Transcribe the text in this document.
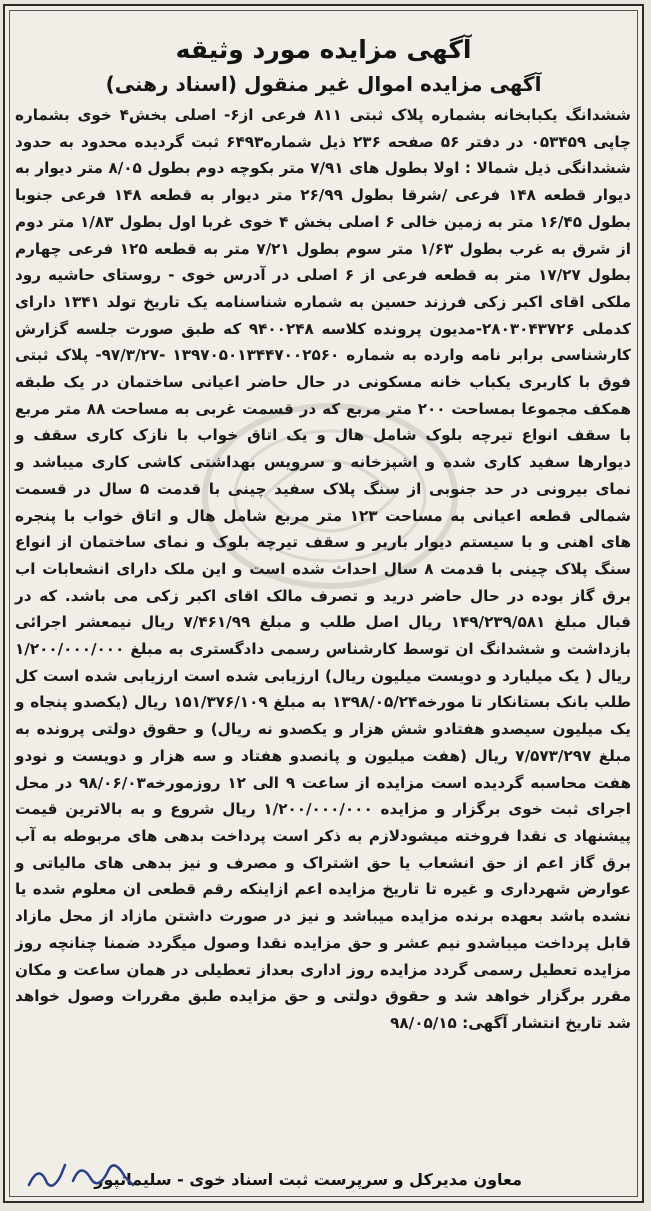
آگهی مزایده مورد وثیقه
آگهی مزایده اموال غیر منقول (اسناد رهنی)

ششدانگ یکبابخانه بشماره پلاک ثبتی ۸۱۱ فرعی از۶- اصلی بخش۴ خوی بشماره چاپی ۰۵۳۴۵۹ در دفتر ۵۶ صفحه ۲۳۶ ذیل شماره۶۴۹۳ ثبت گردیده محدود به حدود ششدانگی ذیل شمالا : اولا بطول های ۷/۹۱ متر بکوچه دوم بطول ۸/۰۵ متر دیوار به دیوار قطعه ۱۴۸ فرعی /شرقا بطول ۲۶/۹۹ متر دیوار به قطعه ۱۴۸ فرعی جنوبا بطول ۱۶/۴۵ متر به زمین خالی ۶ اصلی بخش ۴ خوی غربا اول بطول ۱/۸۳ متر دوم از شرق به غرب بطول ۱/۶۳ متر سوم بطول ۷/۲۱ متر به قطعه ۱۲۵ فرعی چهارم بطول ۱۷/۲۷ متر به قطعه فرعی از ۶ اصلی در آدرس خوی - روستای حاشیه رود ملکی اقای اکبر زکی فرزند حسین به شماره شناسنامه یک تاریخ تولد ۱۳۴۱ دارای کدملی ۲۸۰۳۰۴۳۷۲۶-مدیون پرونده کلاسه ۹۴۰۰۲۴۸ که طبق صورت جلسه گزارش کارشناسی برابر نامه وارده به شماره ۱۳۹۷۰۵۰۱۳۴۴۷۰۰۲۵۶۰ -۹۷/۳/۲۷- پلاک ثبتی فوق با کاربری یکباب خانه مسکونی در حال حاضر اعیانی ساختمان در یک طبقه همکف مجموعا بمساحت ۲۰۰ متر مربع که در قسمت غربی به مساحت ۸۸ متر مربع با سقف انواع تیرچه بلوک شامل هال و یک اتاق خواب با نازک کاری سقف و دیوارها سفید کاری شده و اشپزخانه و سرویس بهداشتی کاشی کاری میباشد و نمای بیرونی در حد جنوبی از سنگ پلاک سفید چینی با قدمت ۵ سال در قسمت شمالی قطعه اعیانی به مساحت ۱۲۳ متر مربع شامل هال و اتاق خواب با پنجره های اهنی و با سیستم دیوار باربر و سقف تیرچه بلوک و نمای ساختمان از انواع سنگ پلاک چینی با قدمت ۸ سال احداث شده است و این ملک دارای انشعابات اب برق گاز بوده در حال حاضر درید و تصرف مالک اقای اکبر زکی می باشد. که در قبال مبلغ ۱۴۹/۲۳۹/۵۸۱ ریال اصل طلب و مبلغ ۷/۴۶۱/۹۹ ریال نیمعشر اجرائی بازداشت و ششدانگ ان توسط کارشناس رسمی دادگستری به مبلغ ۱/۲۰۰/۰۰۰/۰۰۰ ریال ( یک میلیارد و دویست میلیون ریال) ارزیابی شده است ارزیابی شده است کل طلب بانک بستانکار تا مورخه۱۳۹۸/۰۵/۲۴ به مبلغ ۱۵۱/۳۷۶/۱۰۹ ریال (یکصدو پنجاه و یک میلیون سیصدو هفتادو شش هزار و یکصدو نه ریال) و حقوق دولتی پرونده به مبلغ ۷/۵۷۳/۲۹۷ ریال (هفت میلیون و پانصدو هفتاد و سه هزار و دویست و نودو هفت محاسبه گردیده است مزایده از ساعت ۹ الی ۱۲ روزمورخه۹۸/۰۶/۰۳ در محل اجرای ثبت خوی برگزار و مزایده ۱/۲۰۰/۰۰۰/۰۰۰ ریال شروع و به بالاترین قیمت پیشنهاد ی نقدا فروخته میشودلازم به ذکر است پرداخت بدهی های مربوطه به آب برق گاز اعم از حق انشعاب یا حق اشتراک و مصرف و نیز بدهی های مالیاتی و عوارض شهرداری و غیره تا تاریخ مزایده اعم ازاینکه رقم قطعی ان معلوم شده یا نشده باشد بعهده برنده مزایده میباشد و نیز در صورت داشتن مازاد از محل مازاد قابل پرداخت میباشدو نیم عشر و حق مزایده نقدا وصول میگردد ضمنا چنانچه روز مزایده تعطیل رسمی گردد مزایده روز اداری بعداز تعطیلی در همان ساعت و مکان مقرر برگزار خواهد شد و حقوق دولتی و حق مزایده طبق مقررات وصول خواهد شد تاریخ انتشار آگهی: ۹۸/۰۵/۱۵

معاون مدیرکل و سرپرست ثبت اسناد خوی - سلیمانپور
